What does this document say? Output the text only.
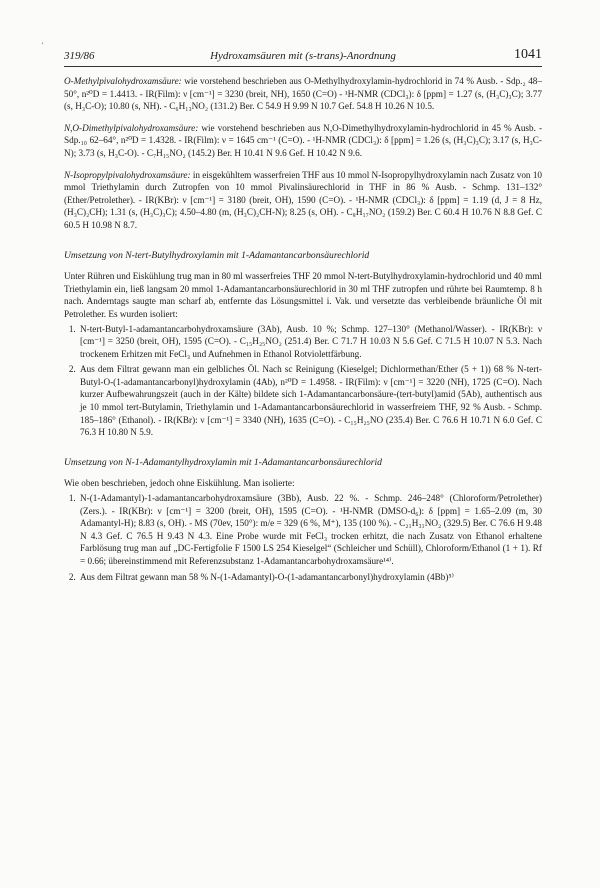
'
319/86	Hydroxamsäuren mit (s-trans)-Anordnung	1041

O-Methylpivalohydroxamsäure: wie vorstehend beschrieben aus O-Methylhydroxylamin-hydrochlorid in 74 % Ausb. - Sdp.₂ 48–50°, n²⁰D = 1.4413. - IR(Film): ν [cm⁻¹] = 3230 (breit, NH), 1650 (C=O) - ¹H-NMR (CDCl₃): δ [ppm] = 1.27 (s, (H₃C)₃C); 3.77 (s, H₃C-O); 10.80 (s, NH). - C₆H₁₃NO₂ (131.2) Ber. C 54.9 H 9.99 N 10.7 Gef. 54.8 H 10.26 N 10.5.

N,O-Dimethylpivalohydroxamsäure: wie vorstehend beschrieben aus N,O-Dimethylhydroxylamin-hydrochlorid in 45 % Ausb. - Sdp.₁₀ 62–64°, n²⁰D = 1.4328. - IR(Film): ν = 1645 cm⁻¹ (C=O). - ¹H-NMR (CDCl₃): δ [ppm] = 1.26 (s, (H₃C)₃C); 3.17 (s, H₃C-N); 3.73 (s, H₃C-O). - C₇H₁₅NO₂ (145.2) Ber. H 10.41 N 9.6 Gef. H 10.42 N 9.6.

N-Isopropylpivalohydroxamsäure: in eisgekühltem wasserfreien THF aus 10 mmol N-Isopropylhydroxylamin nach Zusatz von 10 mmol Triethylamin durch Zutropfen von 10 mmol Pivalinsäurechlorid in THF in 86 % Ausb. - Schmp. 131–132° (Ether/Petrolether). - IR(KBr): ν [cm⁻¹] = 3180 (breit, OH), 1590 (C=O). - ¹H-NMR (CDCl₃): δ [ppm] = 1.19 (d, J = 8 Hz, (H₃C)₂CH); 1.31 (s, (H₃C)₃C); 4.50–4.80 (m, (H₃C)₂CH-N); 8.25 (s, OH). - C₈H₁₇NO₂ (159.2) Ber. C 60.4 H 10.76 N 8.8 Gef. C 60.5 H 10.98 N 8.7.

Umsetzung von N-tert-Butylhydroxylamin mit 1-Adamantancarbonsäurechlorid

Unter Rühren und Eiskühlung trug man in 80 ml wasserfreies THF 20 mmol N-tert-Butylhydroxylamin-hydrochlorid und 40 mml Triethylamin ein, ließ langsam 20 mmol 1-Adamantancarbonsäurechlorid in 30 ml THF zutropfen und rührte bei Raumtemp. 8 h nach. Anderntags saugte man scharf ab, entfernte das Lösungsmittel i. Vak. und versetzte das verbleibende bräunliche Öl mit Petrolether. Es wurden isoliert:

1. N-tert-Butyl-1-adamantancarbohydroxamsäure (3Ab), Ausb. 10 %; Schmp. 127–130° (Methanol/Wasser). - IR(KBr): ν [cm⁻¹] = 3250 (breit, OH), 1595 (C=O). - C₁₅H₂₅NO₂ (251.4) Ber. C 71.7 H 10.03 N 5.6 Gef. C 71.5 H 10.07 N 5.3. Nach trockenem Erhitzen mit FeCl₃ und Aufnehmen in Ethanol Rotviolettfärbung.
2. Aus dem Filtrat gewann man ein gelbliches Öl. Nach sc Reinigung (Kieselgel; Dichlormethan/Ether (5 + 1)) 68 % N-tert-Butyl-O-(1-adamantancarbonyl)hydroxylamin (4Ab), n²⁰D = 1.4958. - IR(Film): ν [cm⁻¹] = 3220 (NH), 1725 (C=O). Nach kurzer Aufbewahrungszeit (auch in der Kälte) bildete sich 1-Adamantancarbonsäure-(tert-butyl)amid (5Ab), authentisch aus je 10 mmol tert-Butylamin, Triethylamin und 1-Adamantancarbonsäurechlorid in wasserfreiem THF, 92 % Ausb. - Schmp. 185–186° (Ethanol). - IR(KBr): ν [cm⁻¹] = 3340 (NH), 1635 (C=O). - C₁₅H₂₅NO (235.4) Ber. C 76.6 H 10.71 N 6.0 Gef. C 76.3 H 10.80 N 5.9.
Umsetzung von N-1-Adamantylhydroxylamin mit 1-Adamantancarbonsäurechlorid

Wie oben beschrieben, jedoch ohne Eiskühlung. Man isolierte:

1. N-(1-Adamantyl)-1-adamantancarbohydroxamsäure (3Bb), Ausb. 22 %. - Schmp. 246–248° (Chloroform/Petrolether) (Zers.). - IR(KBr): ν [cm⁻¹] = 3200 (breit, OH), 1595 (C=O). - ¹H-NMR (DMSO-d₆): δ [ppm] = 1.65–2.09 (m, 30 Adamantyl-H); 8.83 (s, OH). - MS (70ev, 150°): m/e = 329 (6 %, M⁺), 135 (100 %). - C₂₁H₃₁NO₂ (329.5) Ber. C 76.6 H 9.48 N 4.3 Gef. C 76.5 H 9.43 N 4.3. Eine Probe wurde mit FeCl₃ trocken erhitzt, die nach Zusatz von Ethanol erhaltene Farblösung trug man auf „DC-Fertigfolie F 1500 LS 254 Kieselgel“ (Schleicher und Schüll), Chloroform/Ethanol (1 + 1). Rf = 0.66; übereinstimmend mit Referenzsubstanz 1-Adamantancarbohydroxamsäure¹⁴⁾.
2. Aus dem Filtrat gewann man 58 % N-(1-Adamantyl)-O-(1-adamantancarbonyl)hydroxylamin (4Bb)⁵⁾
